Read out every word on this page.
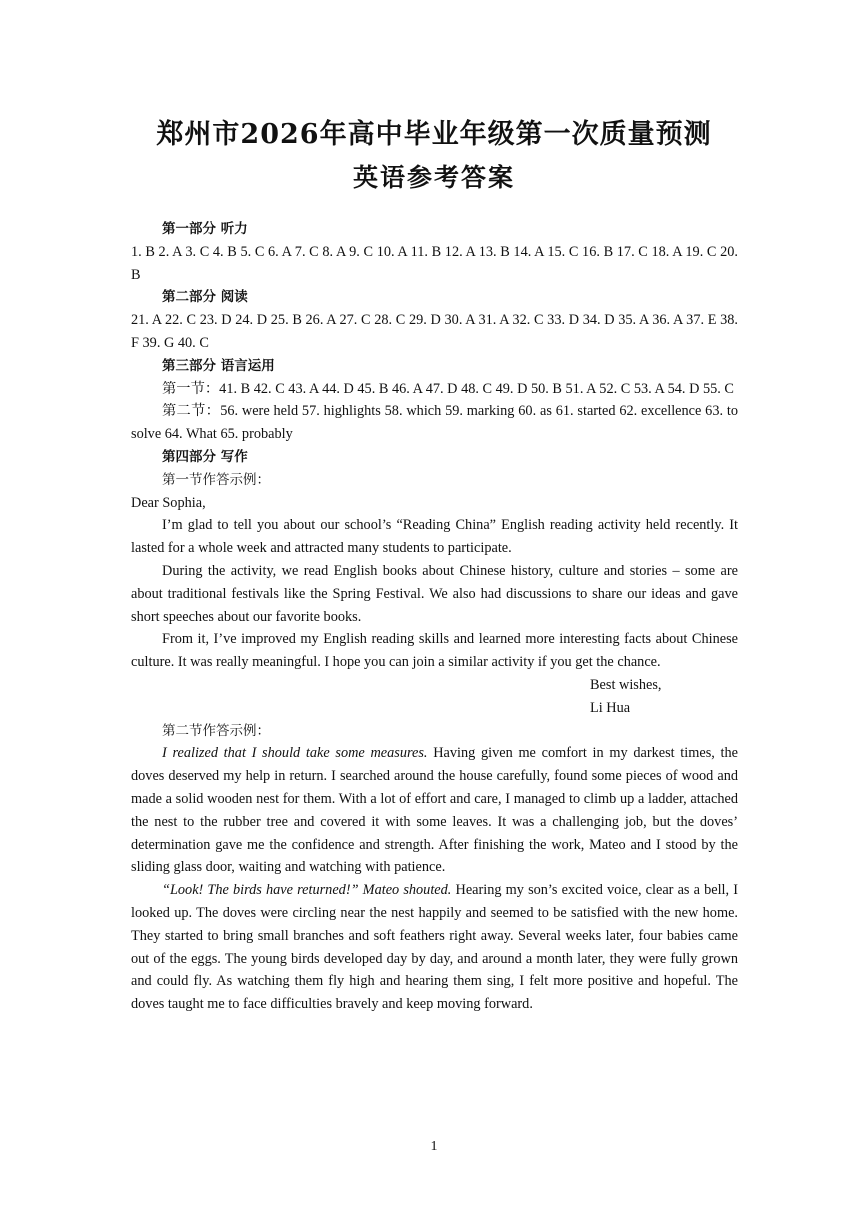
郑州市2026年高中毕业年级第一次质量预测
英语参考答案

第一部分 听力

1. B 2. A 3. C 4. B 5. C 6. A 7. C 8. A 9. C 10. A 11. B 12. A 13. B 14. A 15. C 16. B 17. C 18. A 19. C 20. B

第二部分 阅读

21. A 22. C 23. D 24. D 25. B 26. A 27. C 28. C 29. D 30. A 31. A 32. C 33. D 34. D 35. A 36. A 37. E 38. F 39. G 40. C

第三部分 语言运用

第一节：41. B 42. C 43. A 44. D 45. B 46. A 47. D 48. C 49. D 50. B 51. A 52. C 53. A 54. D 55. C

第二节：56. were held 57. highlights 58. which 59. marking 60. as 61. started 62. excellence 63. to solve 64. What 65. probably

第四部分 写作

第一节作答示例：

Dear Sophia,

I’m glad to tell you about our school’s “Reading China” English reading activity held recently. It lasted for a whole week and attracted many students to participate.

During the activity, we read English books about Chinese history, culture and stories – some are about traditional festivals like the Spring Festival. We also had discussions to share our ideas and gave short speeches about our favorite books.

From it, I’ve improved my English reading skills and learned more interesting facts about Chinese culture. It was really meaningful. I hope you can join a similar activity if you get the chance.

Best wishes,

Li Hua

第二节作答示例：

I realized that I should take some measures. Having given me comfort in my darkest times, the doves deserved my help in return. I searched around the house carefully, found some pieces of wood and made a solid wooden nest for them. With a lot of effort and care, I managed to climb up a ladder, attached the nest to the rubber tree and covered it with some leaves. It was a challenging job, but the doves’ determination gave me the confidence and strength. After finishing the work, Mateo and I stood by the sliding glass door, waiting and watching with patience.

“Look! The birds have returned!” Mateo shouted. Hearing my son’s excited voice, clear as a bell, I looked up. The doves were circling near the nest happily and seemed to be satisfied with the new home. They started to bring small branches and soft feathers right away. Several weeks later, four babies came out of the eggs. The young birds developed day by day, and around a month later, they were fully grown and could fly. As watching them fly high and hearing them sing, I felt more positive and hopeful. The doves taught me to face difficulties bravely and keep moving forward.

1
